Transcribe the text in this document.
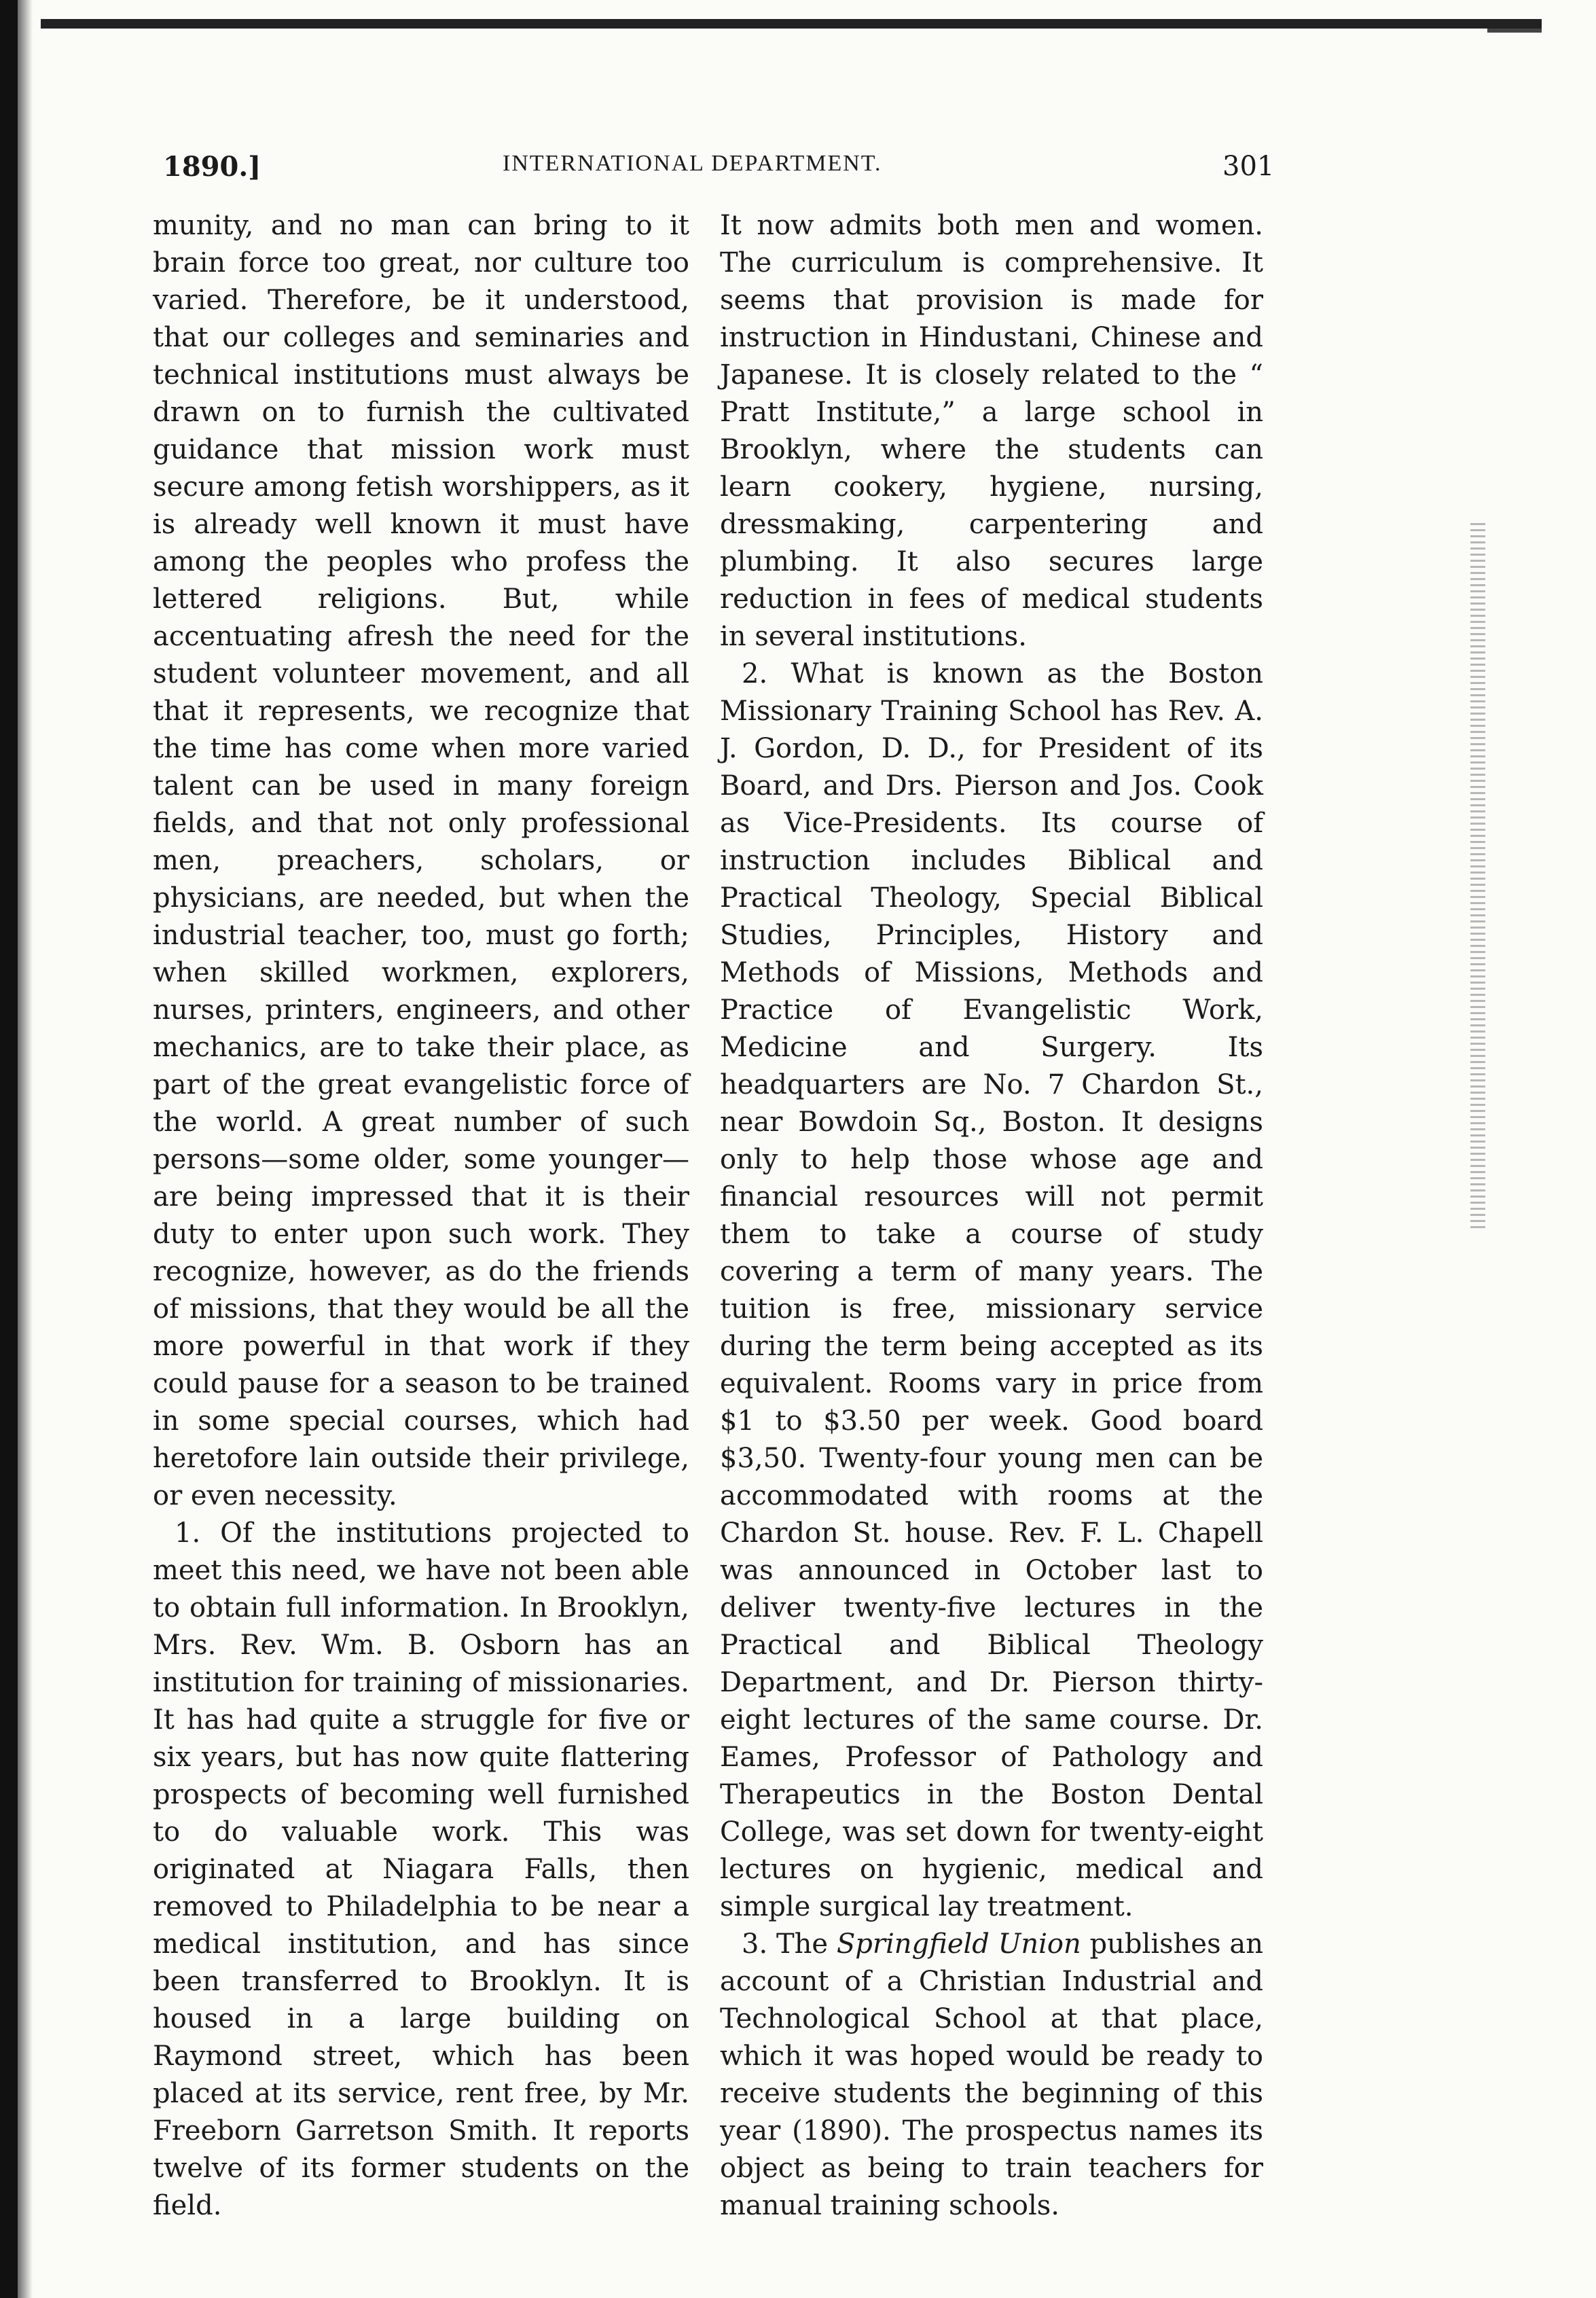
1890.]	INTERNATIONAL DEPARTMENT.	301

munity, and no man can bring to it brain force too great, nor culture too varied. Therefore, be it understood, that our colleges and seminaries and technical institutions must always be drawn on to furnish the cultivated guidance that mission work must secure among fetish worshippers, as it is already well known it must have among the peoples who profess the lettered religions. But, while accentuating afresh the need for the student volunteer movement, and all that it represents, we recognize that the time has come when more varied talent can be used in many foreign fields, and that not only professional men, preachers, scholars, or physicians, are needed, but when the industrial teacher, too, must go forth; when skilled workmen, explorers, nurses, printers, engineers, and other mechanics, are to take their place, as part of the great evangelistic force of the world. A great number of such persons—some older, some younger—are being impressed that it is their duty to enter upon such work. They recognize, however, as do the friends of missions, that they would be all the more powerful in that work if they could pause for a season to be trained in some special courses, which had heretofore lain outside their privilege, or even necessity.

1. Of the institutions projected to meet this need, we have not been able to obtain full information. In Brooklyn, Mrs. Rev. Wm. B. Osborn has an institution for training of missionaries. It has had quite a struggle for five or six years, but has now quite flattering prospects of becoming well furnished to do valuable work. This was originated at Niagara Falls, then removed to Philadelphia to be near a medical institution, and has since been transferred to Brooklyn. It is housed in a large building on Raymond street, which has been placed at its service, rent free, by Mr. Freeborn Garretson Smith. It reports twelve of its former students on the field.

It now admits both men and women. The curriculum is comprehensive. It seems that provision is made for instruction in Hindustani, Chinese and Japanese. It is closely related to the “ Pratt Institute,” a large school in Brooklyn, where the students can learn cookery, hygiene, nursing, dressmaking, carpentering and plumbing. It also secures large reduction in fees of medical students in several institutions.

2. What is known as the Boston Missionary Training School has Rev. A. J. Gordon, D. D., for President of its Board, and Drs. Pierson and Jos. Cook as Vice-Presidents. Its course of instruction includes Biblical and Practical Theology, Special Biblical Studies, Principles, History and Methods of Missions, Methods and Practice of Evangelistic Work, Medicine and Surgery. Its headquarters are No. 7 Chardon St., near Bowdoin Sq., Boston. It designs only to help those whose age and financial resources will not permit them to take a course of study covering a term of many years. The tuition is free, missionary service during the term being accepted as its equivalent. Rooms vary in price from $1 to $3.50 per week. Good board $3,50. Twenty-four young men can be accommodated with rooms at the Chardon St. house. Rev. F. L. Chapell was announced in October last to deliver twenty-five lectures in the Practical and Biblical Theology Department, and Dr. Pierson thirty-eight lectures of the same course. Dr. Eames, Professor of Pathology and Therapeutics in the Boston Dental College, was set down for twenty-eight lectures on hygienic, medical and simple surgical lay treatment.

3. The Springfield Union publishes an account of a Christian Industrial and Technological School at that place, which it was hoped would be ready to receive students the beginning of this year (1890). The prospectus names its object as being to train teachers for manual training schools.
